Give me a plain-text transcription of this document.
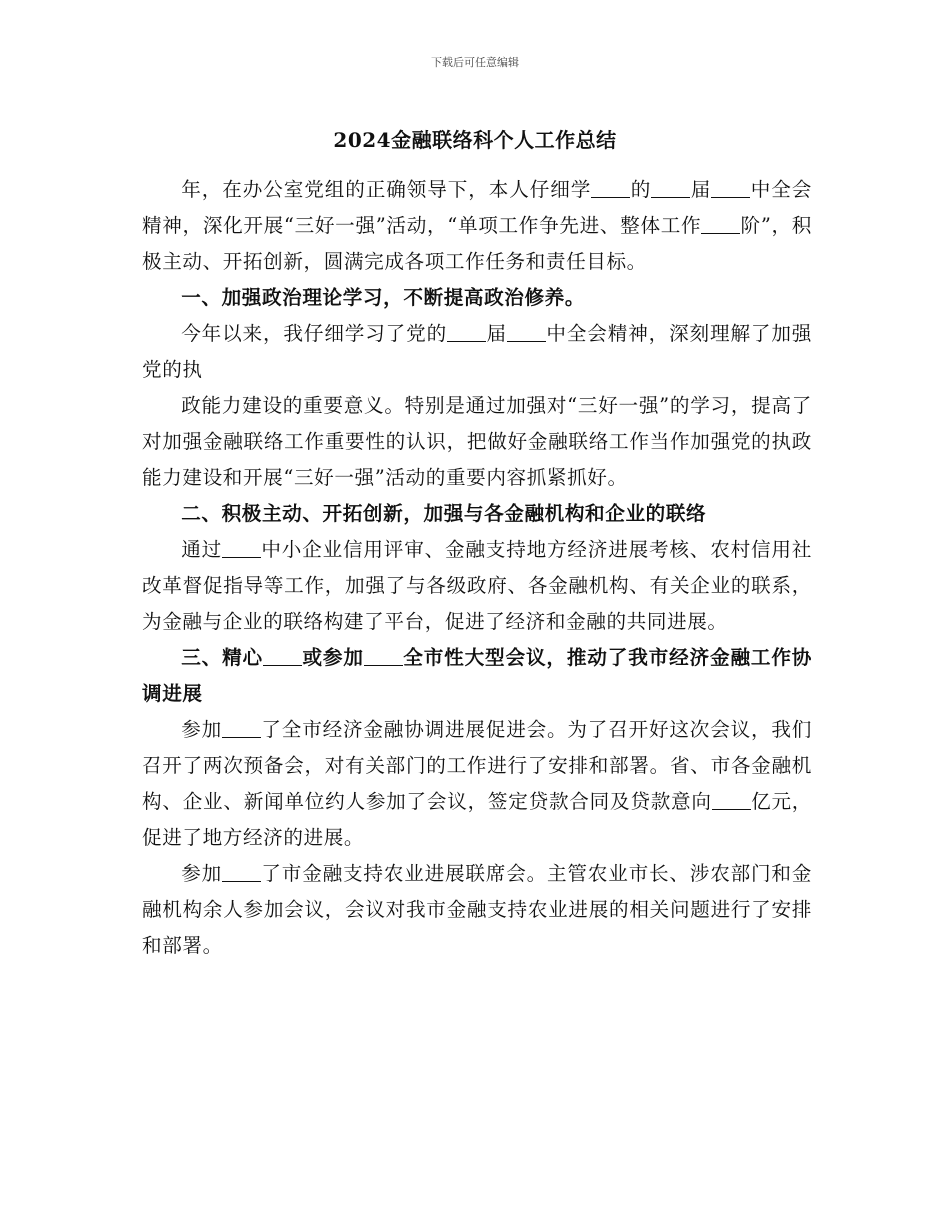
下载后可任意编辑
2024金融联络科个人工作总结

年，在办公室党组的正确领导下，本人仔细学 的 届 中全会精神，深化开展“三好一强”活动，“单项工作争先进、整体工作 阶”，积极主动、开拓创新，圆满完成各项工作任务和责任目标。

一、加强政治理论学习，不断提高政治修养。

今年以来，我仔细学习了党的 届 中全会精神，深刻理解了加强党的执

政能力建设的重要意义。特别是通过加强对“三好一强”的学习，提高了对加强金融联络工作重要性的认识，把做好金融联络工作当作加强党的执政能力建设和开展“三好一强”活动的重要内容抓紧抓好。

二、积极主动、开拓创新，加强与各金融机构和企业的联络

通过 中小企业信用评审、金融支持地方经济进展考核、农村信用社改革督促指导等工作，加强了与各级政府、各金融机构、有关企业的联系，为金融与企业的联络构建了平台，促进了经济和金融的共同进展。

三、精心 或参加 全市性大型会议，推动了我市经济金融工作协调进展

参加 了全市经济金融协调进展促进会。为了召开好这次会议，我们召开了两次预备会，对有关部门的工作进行了安排和部署。省、市各金融机构、企业、新闻单位约人参加了会议，签定贷款合同及贷款意向 亿元，促进了地方经济的进展。

参加 了市金融支持农业进展联席会。主管农业市长、涉农部门和金融机构余人参加会议，会议对我市金融支持农业进展的相关问题进行了安排和部署。
